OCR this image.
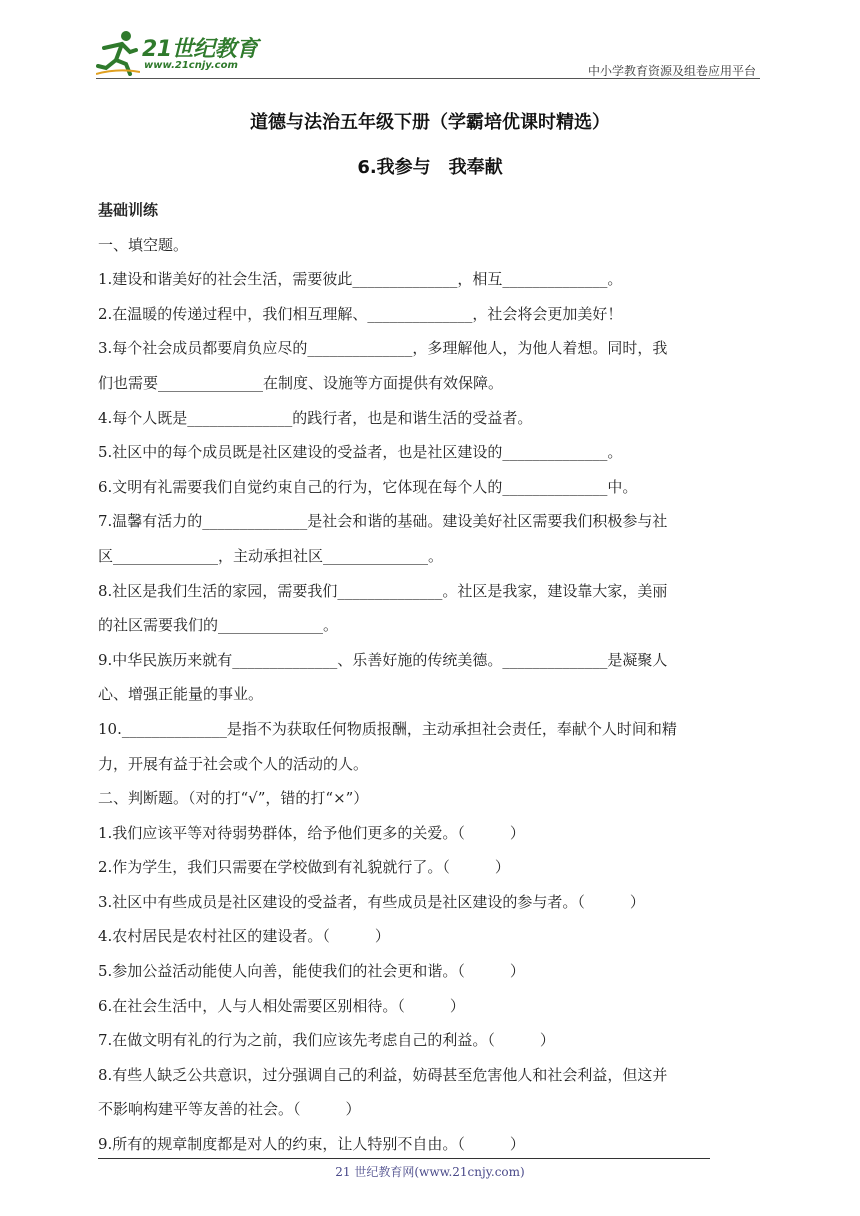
21世纪教育
www.21cnjy.com	中小学教育资源及组卷应用平台
道德与法治五年级下册（学霸培优课时精选）
6.我参与　我奉献

基础训练

一、填空题。

1.建设和谐美好的社会生活，需要彼此______________，相互______________。

2.在温暖的传递过程中，我们相互理解、______________，社会将会更加美好！

3.每个社会成员都要肩负应尽的______________，多理解他人，为他人着想。同时，我

们也需要______________在制度、设施等方面提供有效保障。

4.每个人既是______________的践行者，也是和谐生活的受益者。

5.社区中的每个成员既是社区建设的受益者，也是社区建设的______________。

6.文明有礼需要我们自觉约束自己的行为，它体现在每个人的______________中。

7.温馨有活力的______________是社会和谐的基础。建设美好社区需要我们积极参与社

区______________，主动承担社区______________。

8.社区是我们生活的家园，需要我们______________。社区是我家，建设靠大家，美丽

的社区需要我们的______________。

9.中华民族历来就有______________、乐善好施的传统美德。______________是凝聚人

心、增强正能量的事业。

10.______________是指不为获取任何物质报酬，主动承担社会责任，奉献个人时间和精

力，开展有益于社会或个人的活动的人。

二、判断题。（对的打“√”，错的打“×”）

1.我们应该平等对待弱势群体，给予他们更多的关爱。（　　　）

2.作为学生，我们只需要在学校做到有礼貌就行了。（　　　）

3.社区中有些成员是社区建设的受益者，有些成员是社区建设的参与者。（　　　）

4.农村居民是农村社区的建设者。（　　　）

5.参加公益活动能使人向善，能使我们的社会更和谐。（　　　）

6.在社会生活中，人与人相处需要区别相待。（　　　）

7.在做文明有礼的行为之前，我们应该先考虑自己的利益。（　　　）

8.有些人缺乏公共意识，过分强调自己的利益，妨碍甚至危害他人和社会利益，但这并

不影响构建平等友善的社会。（　　　）

9.所有的规章制度都是对人的约束，让人特别不自由。（　　　）

21 世纪教育网(www.21cnjy.com)
